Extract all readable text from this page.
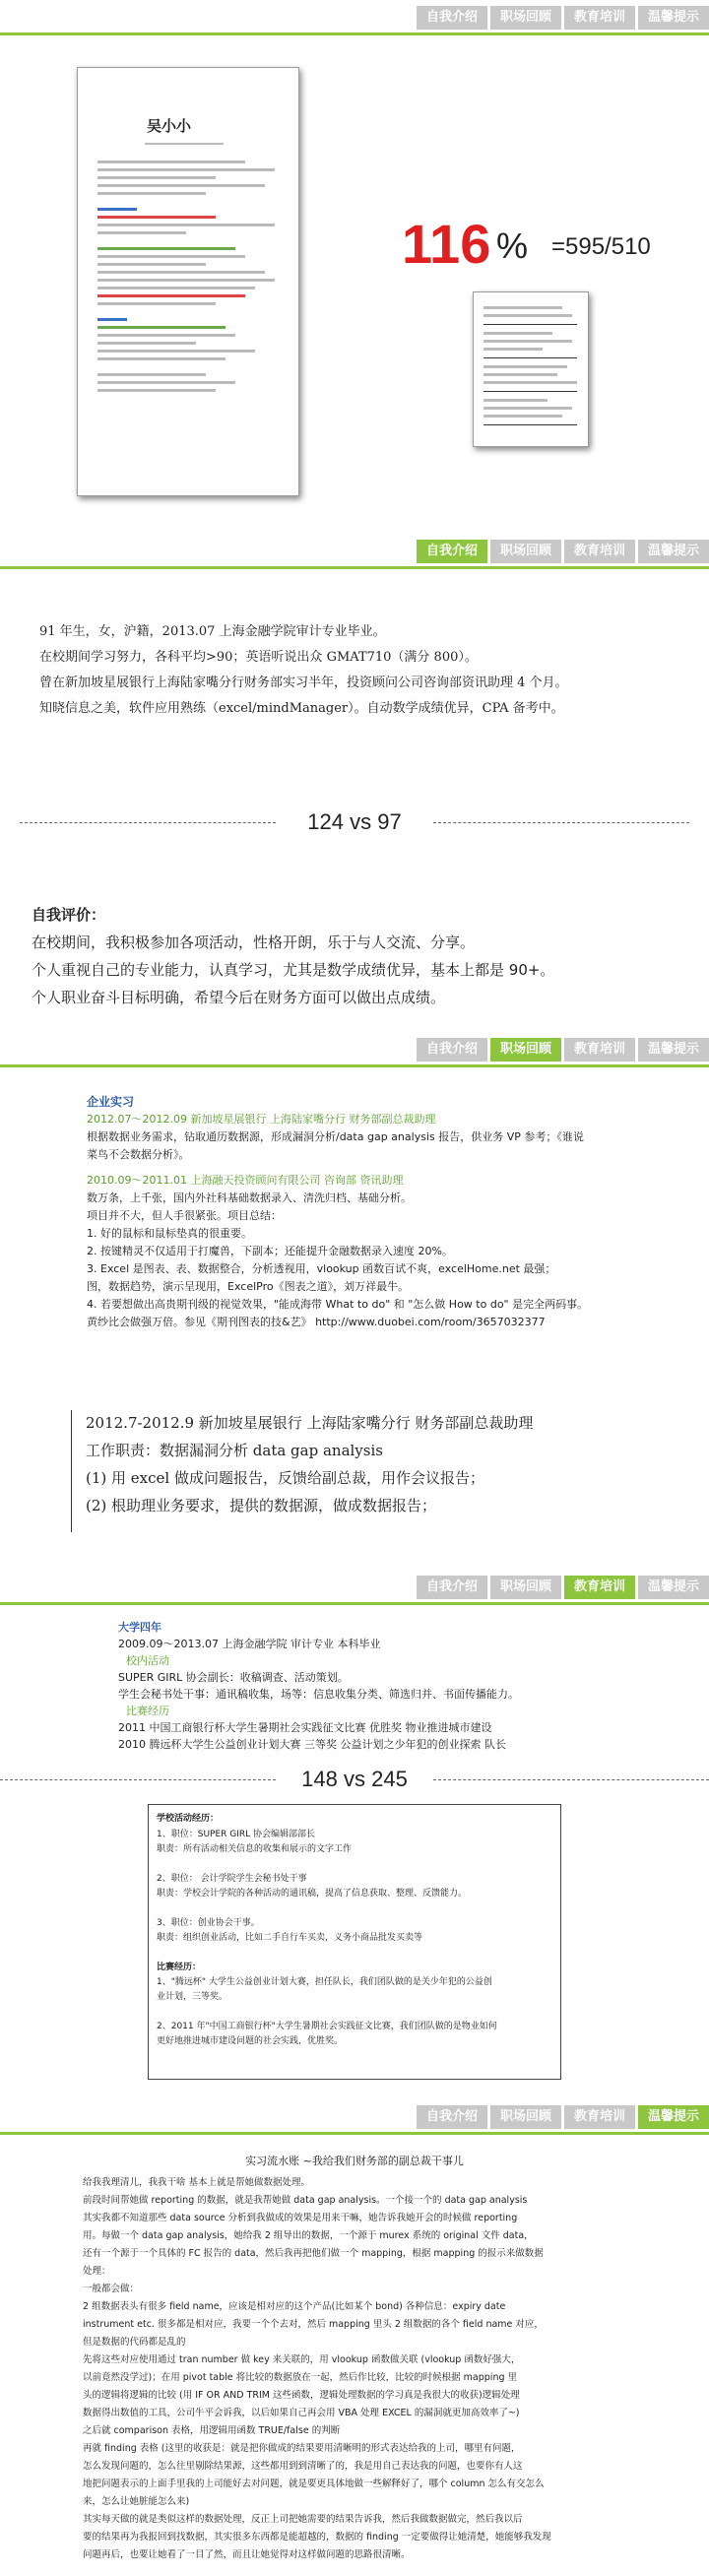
自我介绍	职场回顾	教育培训	温馨提示
吴小小
116 % =595/510
自我介绍	职场回顾	教育培训	温馨提示
91 年生，女，沪籍，2013.07 上海金融学院审计专业毕业。
在校期间学习努力，各科平均>90；英语听说出众 GMAT710（满分 800）。
曾在新加坡星展银行上海陆家嘴分行财务部实习半年，投资顾问公司咨询部资讯助理 4 个月。
知晓信息之美，软件应用熟练（excel/mindManager）。自动数学成绩优异，CPA 备考中。
124 vs 97
自我评价：
在校期间，我积极参加各项活动，性格开朗，乐于与人交流、分享。
个人重视自己的专业能力，认真学习，尤其是数学成绩优异，基本上都是 90+。
个人职业奋斗目标明确，希望今后在财务方面可以做出点成绩。
自我介绍	职场回顾	教育培训	温馨提示
企业实习
2012.07～2012.09 新加坡星展银行 上海陆家嘴分行 财务部副总裁助理
根据数据业务需求，钻取通历数据源，形成漏洞分析/data gap analysis 报告，供业务 VP 参考；《谁说
菜鸟不会数据分析》。
2010.09～2011.01 上海融天投资顾问有限公司 咨询部 资讯助理
数万条，上千张，国内外社科基础数据录入、清洗归档、基础分析。
项目并不大，但人手很紧张。项目总结：
1. 好的鼠标和鼠标垫真的很重要。
2. 按键精灵不仅适用于打魔兽，下副本；还能提升金融数据录入速度 20%。
3. Excel 是图表、表、数据整合，分析透视用，vlookup 函数百试不爽，excelHome.net 最强；
图，数据趋势，演示呈现用，ExcelPro《图表之道》，刘万祥最牛。
4. 若要想做出高贵期刊级的视觉效果，"能成海带 What to do" 和 "怎么做 How to do" 是完全两码事。
黄纱比会做强万倍。参见《期刊图表的技&艺》 http://www.duobei.com/room/3657032377
2012.7-2012.9 新加坡星展银行 上海陆家嘴分行 财务部副总裁助理
工作职责：数据漏洞分析 data gap analysis
(1) 用 excel 做成问题报告，反馈给副总裁，用作会议报告；
(2) 根助理业务要求，提供的数据源，做成数据报告；
自我介绍	职场回顾	教育培训	温馨提示
大学四年
2009.09～2013.07 上海金融学院 审计专业 本科毕业
校内活动
SUPER GIRL 协会副长：收稿调查、活动策划。
学生会秘书处干事：通讯稿收集，场等：信息收集分类、筛选归并、书面传播能力。
比赛经历
2011 中国工商银行杯大学生暑期社会实践征文比赛 优胜奖 物业推进城市建设
2010 腾远杯大学生公益创业计划大赛 三等奖 公益计划之少年犯的创业探索 队长
148 vs 245
学校活动经历：
1、职位：SUPER GIRL 协会编辑部部长
职责：所有活动相关信息的收集和展示的文字工作
2、职位： 会计学院学生会秘书处干事
职责：学校会计学院的各种活动的通讯稿，提高了信息获取、整理、反馈能力。
3、职位：创业协会干事。
职责：组织创业活动，比如二手自行车买卖，义务小商品批发买卖等
比赛经历：
1、"腾远杯" 大学生公益创业计划大赛，担任队长，我们团队做的是关少年犯的公益创
业计划，三等奖。
2、2011 年"中国工商银行杯"大学生暑期社会实践征文比赛，我们团队做的是物业如何
更好地推进城市建设问题的社会实践，优胜奖。
自我介绍	职场回顾	教育培训	温馨提示
实习流水账 ~我给我们财务部的副总裁干事儿
给我我理清儿，我我干啥 基本上就是帮她做数据处理。
前段时间帮她做 reporting 的数据，就是我帮她做 data gap analysis。一个接一个的 data gap analysis
其实我都不知道那些 data source 分析到我做成的效果是用来干嘛，她告诉我她开会的时候做 reporting
用。每做一个 data gap analysis，她给我 2 组导出的数据，一个源于 murex 系统的 original 文件 data，
还有一个源于一个具体的 FC 报告的 data，然后我再把他们做一个 mapping，根据 mapping 的报示来做数据
处理：
一般都会做：
2 组数据表头有很多 field name，应该是相对应的这个产品(比如某个 bond) 各种信息：expiry date
instrument etc. 很多都是相对应，我要一个个去对，然后 mapping 里头 2 组数据的各个 field name 对应，
但是数据的代码都是乱的
先将这些对应使用通过 tran number 做 key 来关联的，用 vlookup 函数做关联 (vlookup 函数好强大，
以前竟然没学过)；在用 pivot table 将比较的数据放在一起，然后作比较，比较的时候根据 mapping 里
头的逻辑将逻辑的比较 (用 IF OR AND TRIM 这些函数，逻辑处理数据的学习真是我很大的收获)逻辑处理
数据得出数值的工具，公司牛平会诉我，以后如果自己再会用 VBA 处理 EXCEL 的漏洞就更加高效率了~)
之后就 comparison 表格，用逻辑用函数 TRUE/false 的判断
再就 finding 表格 (这里的收获是：就是把你做成的结果要用清晰明的形式表达给我的上司，哪里有问题，
怎么发现问题的，怎么往里剔除结果源，这些都用到到清晰了的，我是用自己表达我的问题，也要你有人这
地把问题表示的上面手里我的上司能好去对问题，就是要更具体地做一些解释好了，哪个 column 怎么有交怎么
来，怎么让她脏能怎么来)
其实每天做的就是类似这样的数据处理，反正上司把她需要的结果告诉我，然后我做数据做完，然后我以后
要的结果再为我报回到找数据，其实很多东西都是能超越的，数据的 finding 一定要做得让她清楚，她能够我发现
问题再后，也要让她看了一目了然，而且让她觉得对这样做问题的思路很清晰。
